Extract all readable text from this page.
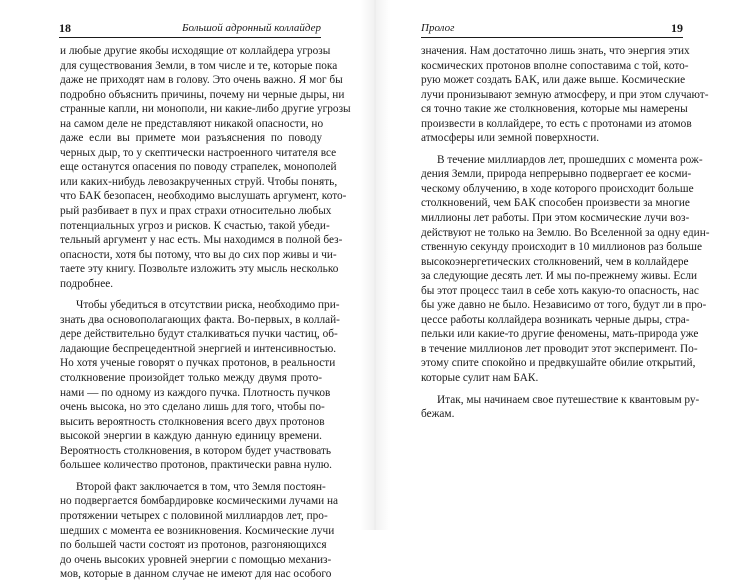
18	Большой адронный коллайдер
и любые другие якобы исходящие от коллайдера угрозы
для существования Земли, в том числе и те, которые пока
даже не приходят нам в голову. Это очень важно. Я мог бы
подробно объяснить причины, почему ни черные дыры, ни
странные капли, ни монополи, ни какие-либо другие угрозы
на самом деле не представляют никакой опасности, но
даже если вы примете мои разъяснения по поводу
черных дыр, то у скептически настроенного читателя все
еще останутся опасения по поводу страпелек, монополей
или каких-нибудь левозакрученных струй. Чтобы понять,
что БАК безопасен, необходимо выслушать аргумент, кото-
рый разбивает в пух и прах страхи относительно любых
потенциальных угроз и рисков. К счастью, такой убеди-
тельный аргумент у нас есть. Мы находимся в полной без-
опасности, хотя бы потому, что вы до сих пор живы и чи-
таете эту книгу. Позвольте изложить эту мысль несколько
подробнее.
Чтобы убедиться в отсутствии риска, необходимо при-
знать два основополагающих факта. Во-первых, в коллай-
дере действительно будут сталкиваться пучки частиц, об-
ладающие беспрецедентной энергией и интенсивностью.
Но хотя ученые говорят о пучках протонов, в реальности
столкновение произойдет только между двумя прото-
нами — по одному из каждого пучка. Плотность пучков
очень высока, но это сделано лишь для того, чтобы по-
высить вероятность столкновения всего двух протонов
высокой энергии в каждую данную единицу времени.
Вероятность столкновения, в котором будет участвовать
большее количество протонов, практически равна нулю.
Второй факт заключается в том, что Земля постоян-
но подвергается бомбардировке космическими лучами на
протяжении четырех с половиной миллиардов лет, про-
шедших с момента ее возникновения. Космические лучи
по большей части состоят из протонов, разгоняющихся
до очень высоких уровней энергии с помощью механиз-
мов, которые в данном случае не имеют для нас особого
Пролог	19
значения. Нам достаточно лишь знать, что энергия этих
космических протонов вполне сопоставима с той, кото-
рую может создать БАК, или даже выше. Космические
лучи пронизывают земную атмосферу, и при этом случают-
ся точно такие же столкновения, которые мы намерены
произвести в коллайдере, то есть с протонами из атомов
атмосферы или земной поверхности.
В течение миллиардов лет, прошедших с момента рож-
дения Земли, природа непрерывно подвергает ее косми-
ческому облучению, в ходе которого происходит больше
столкновений, чем БАК способен произвести за многие
миллионы лет работы. При этом космические лучи воз-
действуют не только на Землю. Во Вселенной за одну един-
ственную секунду происходит в 10 миллионов раз больше
высокоэнергетических столкновений, чем в коллайдере
за следующие десять лет. И мы по-прежнему живы. Если
бы этот процесс таил в себе хоть какую-то опасность, нас
бы уже давно не было. Независимо от того, будут ли в про-
цессе работы коллайдера возникать черные дыры, стра-
пельки или какие-то другие феномены, мать-природа уже
в течение миллионов лет проводит этот эксперимент. По-
этому спите спокойно и предвкушайте обилие открытий,
которые сулит нам БАК.
Итак, мы начинаем свое путешествие к квантовым ру-
бежам.
